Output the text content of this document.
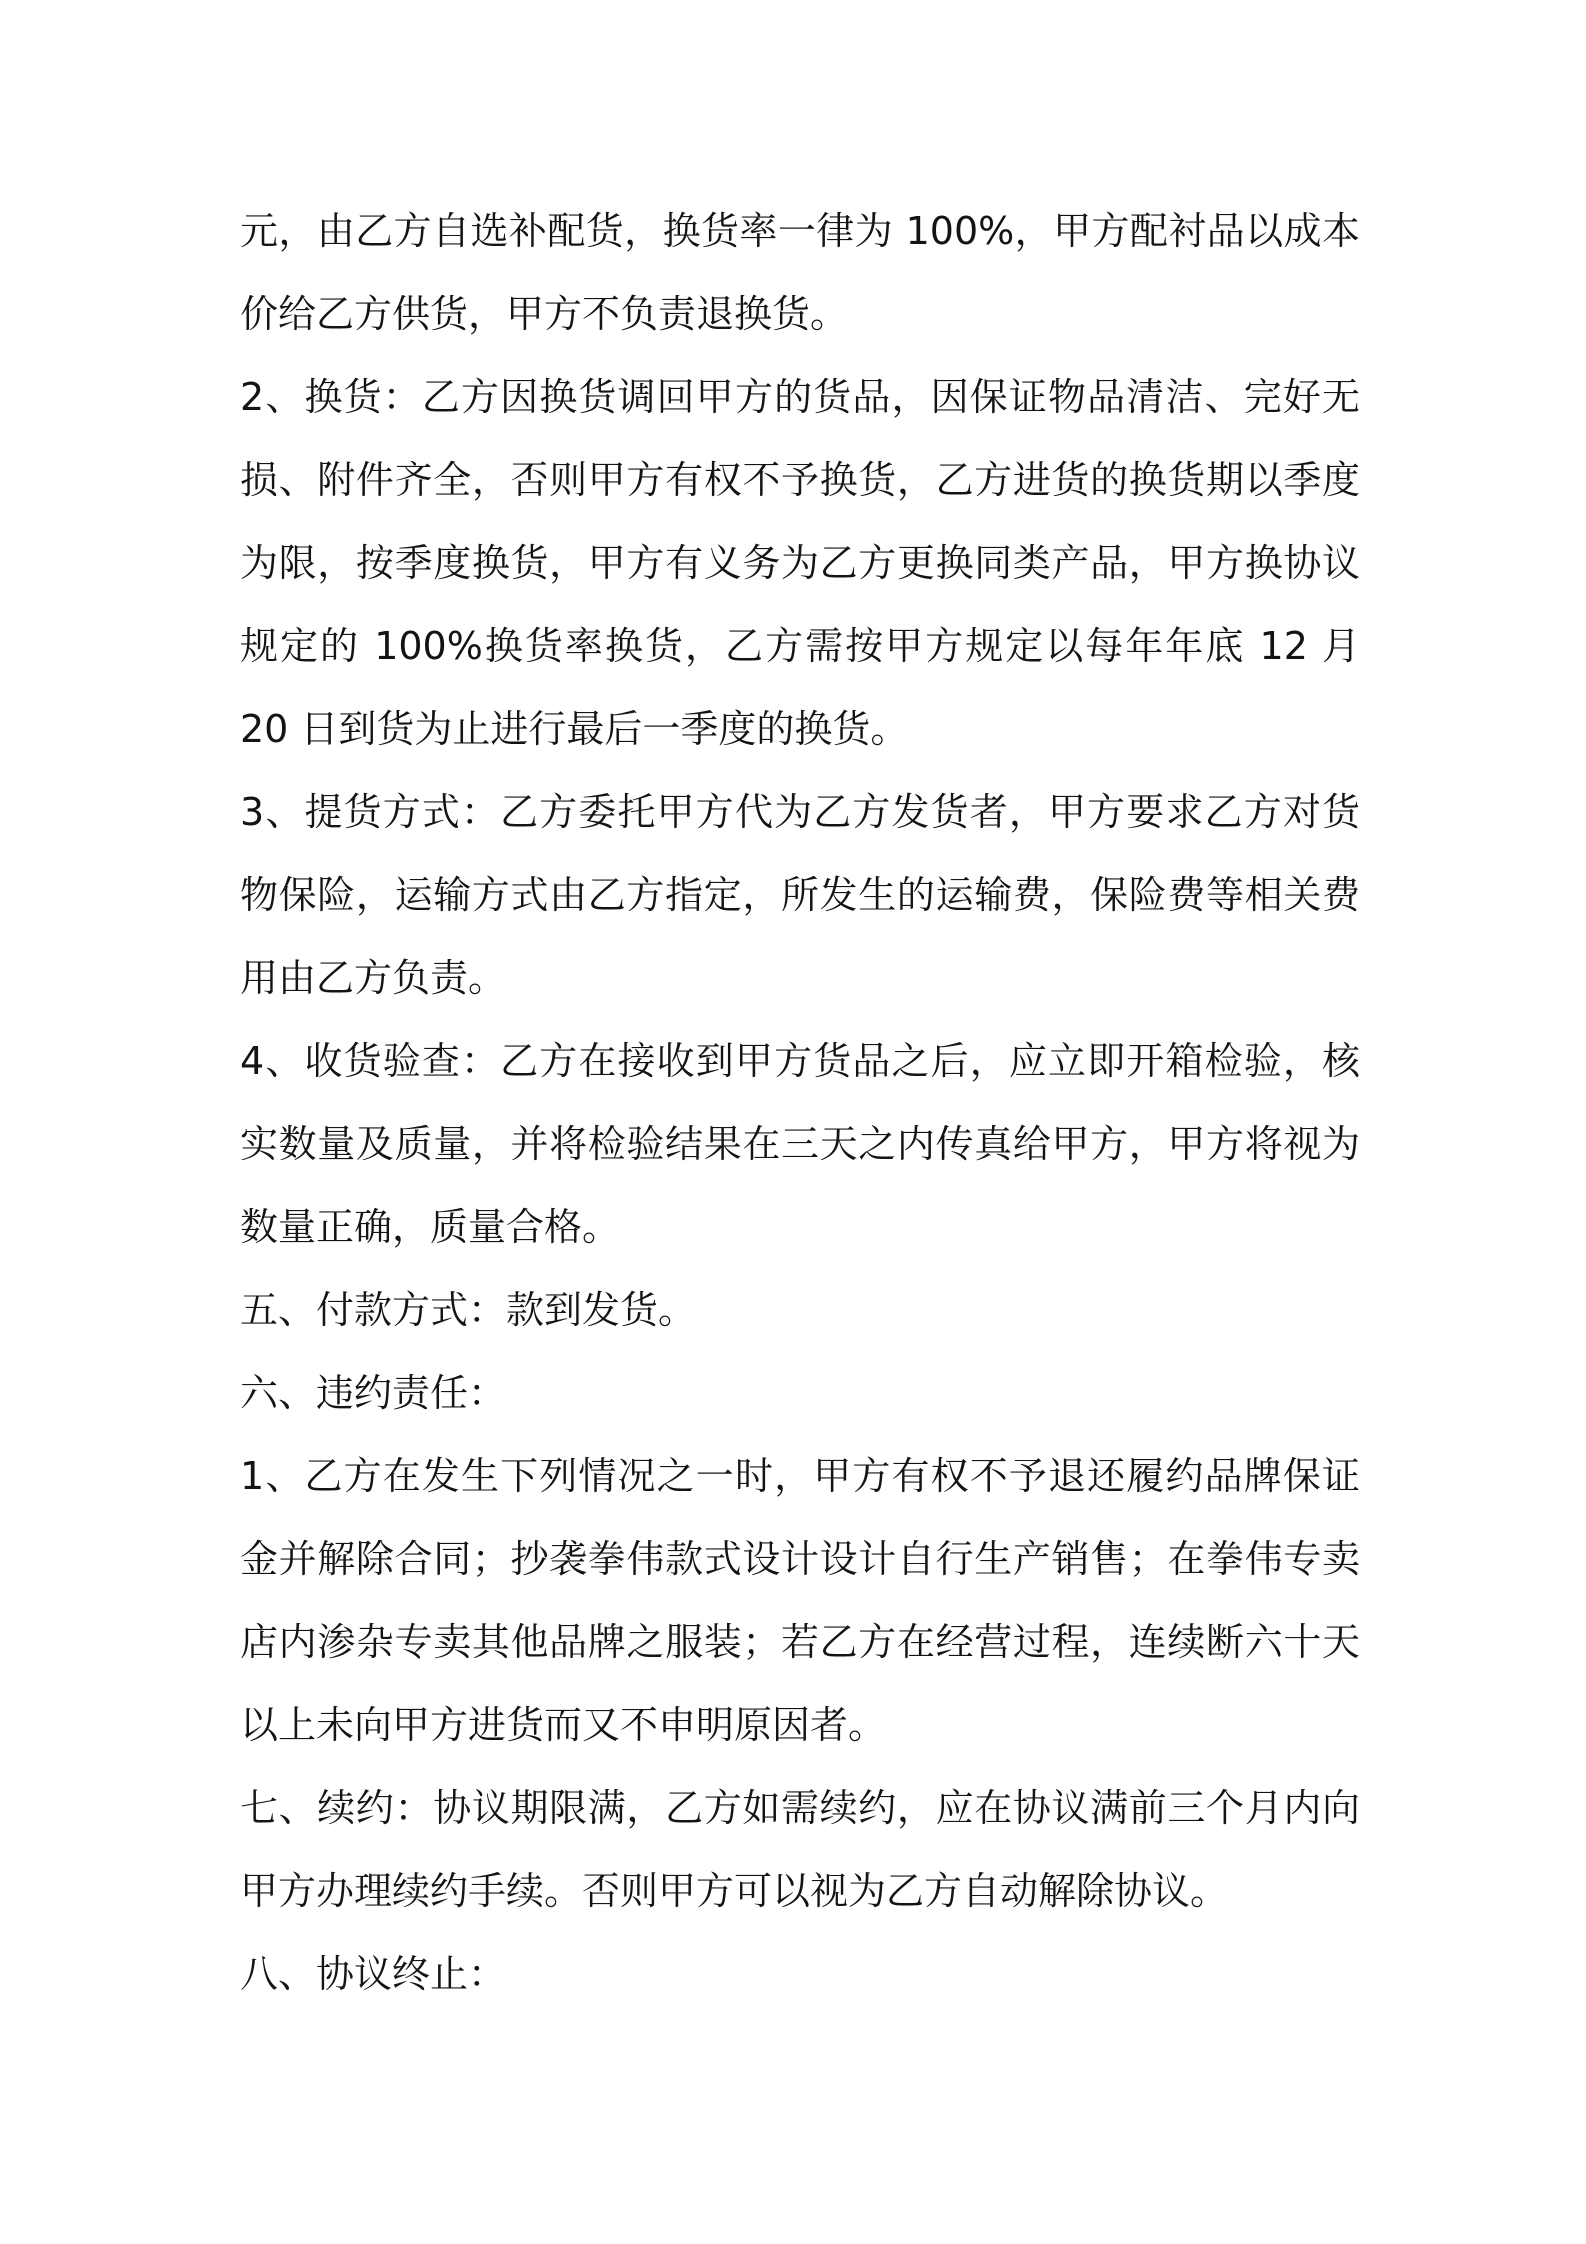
元，由乙方自选补配货，换货率一律为 100%，甲方配衬品以成本价给乙方供货，甲方不负责退换货。

2、换货：乙方因换货调回甲方的货品，因保证物品清洁、完好无损、附件齐全，否则甲方有权不予换货，乙方进货的换货期以季度为限，按季度换货，甲方有义务为乙方更换同类产品，甲方换协议规定的 100%换货率换货，乙方需按甲方规定以每年年底 12 月 20 日到货为止进行最后一季度的换货。

3、提货方式：乙方委托甲方代为乙方发货者，甲方要求乙方对货物保险，运输方式由乙方指定，所发生的运输费，保险费等相关费用由乙方负责。

4、收货验查：乙方在接收到甲方货品之后，应立即开箱检验，核实数量及质量，并将检验结果在三天之内传真给甲方，甲方将视为数量正确，质量合格。

五、付款方式：款到发货。

六、违约责任：

1、乙方在发生下列情况之一时，甲方有权不予退还履约品牌保证金并解除合同；抄袭拳伟款式设计设计自行生产销售；在拳伟专卖店内渗杂专卖其他品牌之服装；若乙方在经营过程，连续断六十天以上未向甲方进货而又不申明原因者。

七、续约：协议期限满，乙方如需续约，应在协议满前三个月内向甲方办理续约手续。否则甲方可以视为乙方自动解除协议。

八、协议终止：
